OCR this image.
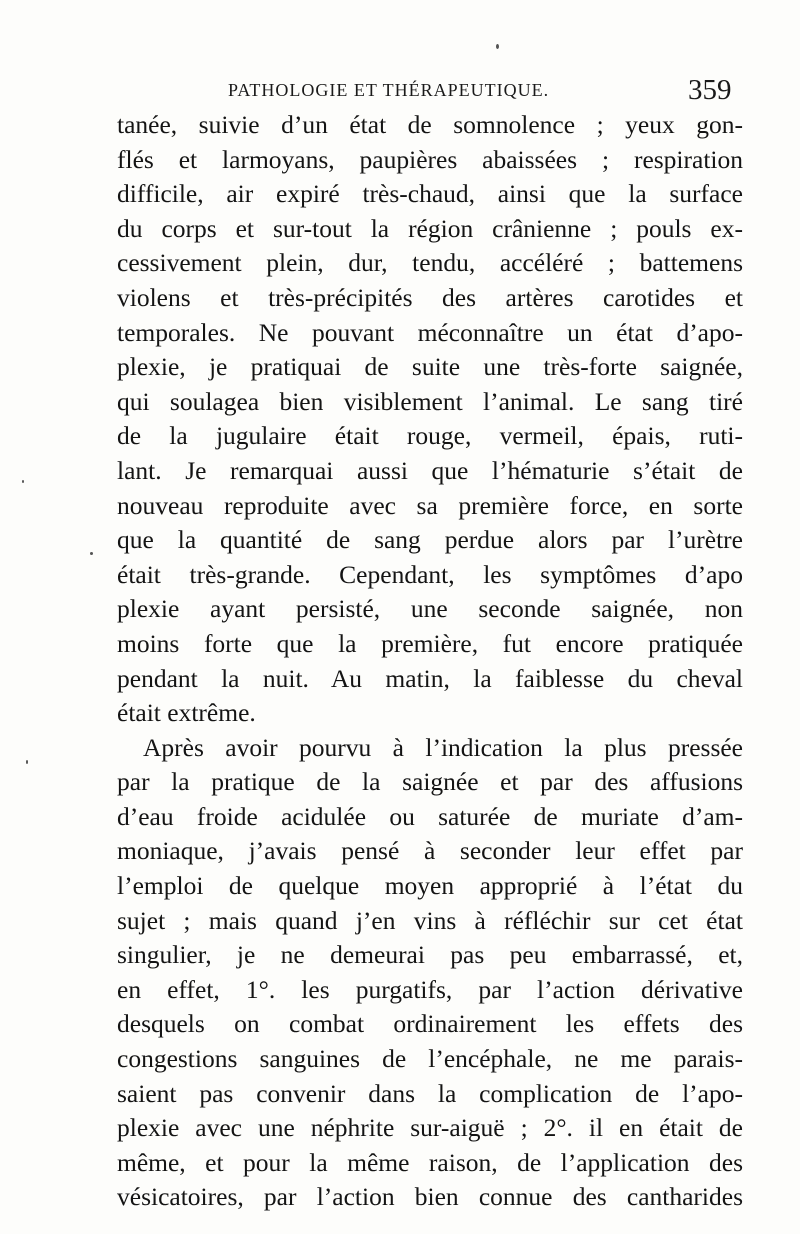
PATHOLOGIE ET THÉRAPEUTIQUE.	359
tanée, suivie d’un état de somnolence ; yeux gon-
flés et larmoyans, paupières abaissées ; respiration
difficile, air expiré très-chaud, ainsi que la surface
du corps et sur-tout la région crânienne ; pouls ex-
cessivement plein, dur, tendu, accéléré ; battemens
violens et très-précipités des artères carotides et
temporales. Ne pouvant méconnaître un état d’apo-
plexie, je pratiquai de suite une très-forte saignée,
qui soulagea bien visiblement l’animal. Le sang tiré
de la jugulaire était rouge, vermeil, épais, ruti-
lant. Je remarquai aussi que l’hématurie s’était de
nouveau reproduite avec sa première force, en sorte
que la quantité de sang perdue alors par l’urètre
était très-grande. Cependant, les symptômes d’apo
plexie ayant persisté, une seconde saignée, non
moins forte que la première, fut encore pratiquée
pendant la nuit. Au matin, la faiblesse du cheval
était extrême.
Après avoir pourvu à l’indication la plus pressée
par la pratique de la saignée et par des affusions
d’eau froide acidulée ou saturée de muriate d’am-
moniaque, j’avais pensé à seconder leur effet par
l’emploi de quelque moyen approprié à l’état du
sujet ; mais quand j’en vins à réfléchir sur cet état
singulier, je ne demeurai pas peu embarrassé, et,
en effet, 1°. les purgatifs, par l’action dérivative
desquels on combat ordinairement les effets des
congestions sanguines de l’encéphale, ne me parais-
saient pas convenir dans la complication de l’apo-
plexie avec une néphrite sur-aiguë ; 2°. il en était de
même, et pour la même raison, de l’application des
vésicatoires, par l’action bien connue des cantharides
